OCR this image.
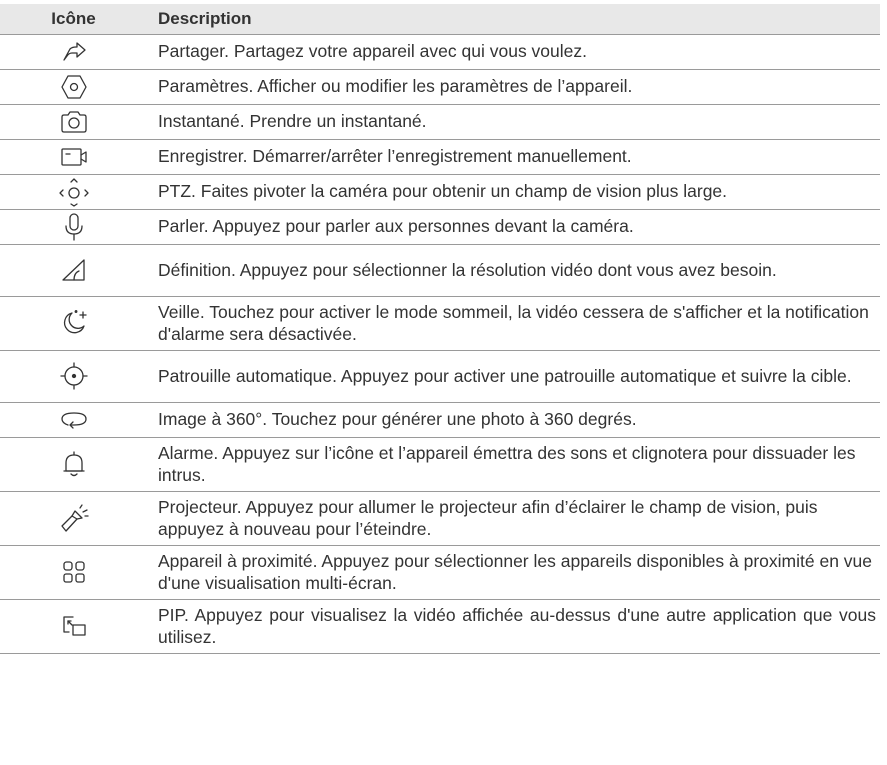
Icône	Description
	Partager. Partagez votre appareil avec qui vous voulez.
	Paramètres. Afficher ou modifier les paramètres de l’appareil.
	Instantané. Prendre un instantané.
	Enregistrer. Démarrer/arrêter l’enregistrement manuellement.
	PTZ. Faites pivoter la caméra pour obtenir un champ de vision plus large.
	Parler. Appuyez pour parler aux personnes devant la caméra.
	Définition. Appuyez pour sélectionner la résolution vidéo dont vous avez besoin.
	Veille. Touchez pour activer le mode sommeil, la vidéo cessera de s'afficher et la notification d'alarme sera désactivée.
	Patrouille automatique. Appuyez pour activer une patrouille automatique et suivre la cible.
	Image à 360°. Touchez pour générer une photo à 360 degrés.
	Alarme. Appuyez sur l’icône et l’appareil émettra des sons et clignotera pour dissuader les intrus.
	Projecteur. Appuyez pour allumer le projecteur afin d’éclairer le champ de vision, puis appuyez à nouveau pour l’éteindre.
	Appareil à proximité. Appuyez pour sélectionner les appareils disponibles à proximité en vue d'une visualisation multi-écran.
	PIP. Appuyez pour visualisez la vidéo affichée au-dessus d'une autre application que vous utilisez.
